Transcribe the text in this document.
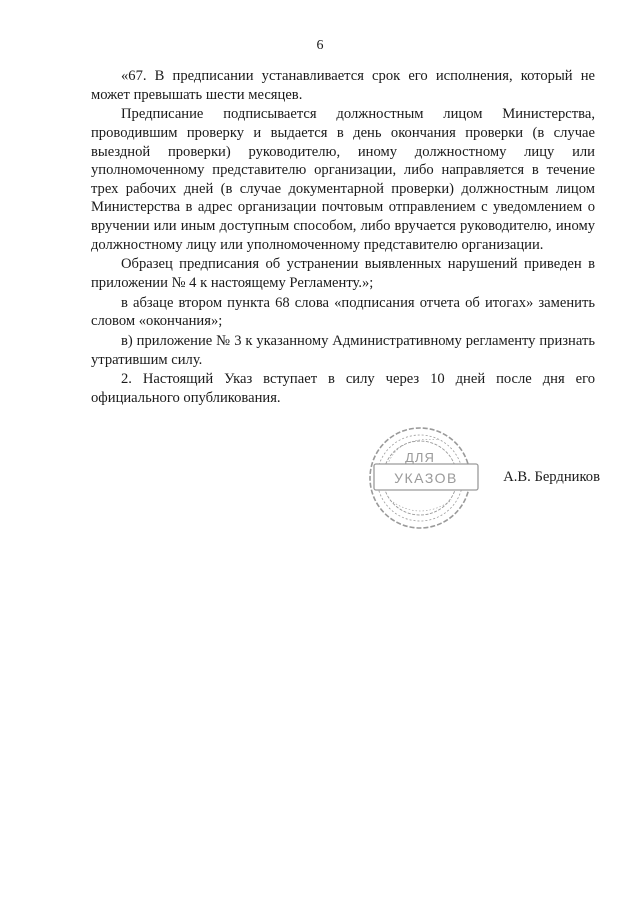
6

«67. В предписании устанавливается срок его исполнения, который не может превышать шести месяцев.

Предписание подписывается должностным лицом Министерства, проводившим проверку и выдается в день окончания проверки (в случае выездной проверки) руководителю, иному должностному лицу или уполномоченному представителю организации, либо направляется в течение трех рабочих дней (в случае документарной проверки) должностным лицом Министерства в адрес организации почтовым отправлением с уведомлением о вручении или иным доступным способом, либо вручается руководителю, иному должностному лицу или уполномоченному представителю организации.

Образец предписания об устранении выявленных нарушений приведен в приложении № 4 к настоящему Регламенту.»;

в абзаце втором пункта 68 слова «подписания отчета об итогах» заменить словом «окончания»;

в) приложение № 3 к указанному Административному регламенту признать утратившим силу.

2. Настоящий Указ вступает в силу через 10 дней после дня его официального опубликования.

ДЛЯ
УКАЗОВ	А.В. Бердников
